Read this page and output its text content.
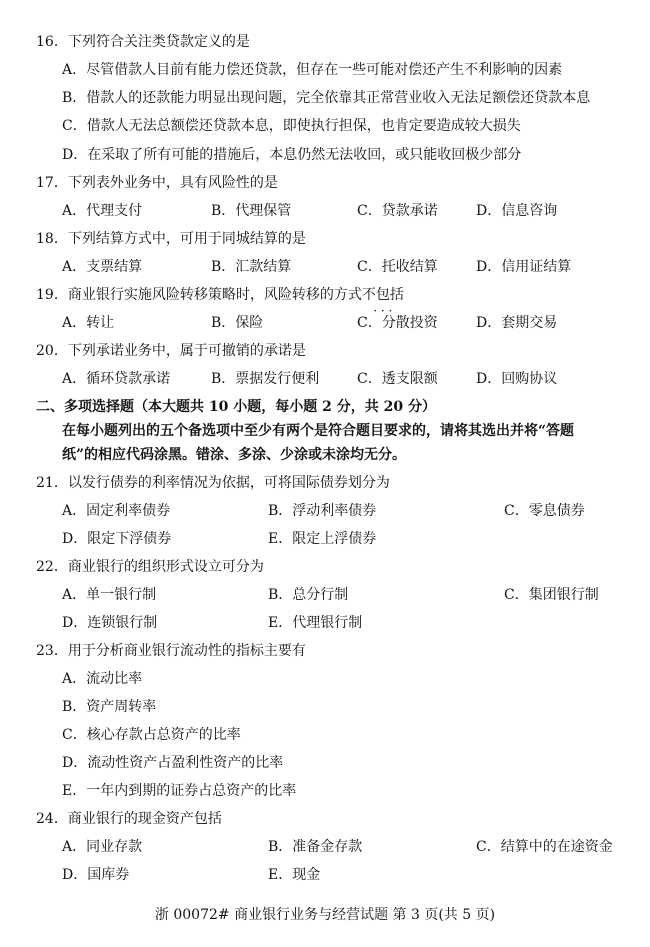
16．下列符合关注类贷款定义的是
A．尽管借款人目前有能力偿还贷款，但存在一些可能对偿还产生不利影响的因素
B．借款人的还款能力明显出现问题，完全依靠其正常营业收入无法足额偿还贷款本息
C．借款人无法总额偿还贷款本息，即使执行担保，也肯定要造成较大损失
D．在采取了所有可能的措施后，本息仍然无法收回，或只能收回极少部分
17．下列表外业务中，具有风险性的是
A．代理支付	B．代理保管	C．贷款承诺	D．信息咨询
18．下列结算方式中，可用于同城结算的是
A．支票结算	B．汇款结算	C．托收结算	D．信用证结算
19．商业银行实施风险转移策略时，风险转移的方式不包括 · · ·
A．转让	B．保险	C．分散投资	D．套期交易
20．下列承诺业务中，属于可撤销的承诺是
A．循环贷款承诺	B．票据发行便利	C．透支限额	D．回购协议
二、多项选择题（本大题共 10 小题，每小题 2 分，共 20 分）
在每小题列出的五个备选项中至少有两个是符合题目要求的，请将其选出并将“答题
纸”的相应代码涂黑。错涂、多涂、少涂或未涂均无分。
21．以发行债券的利率情况为依据，可将国际债券划分为
A．固定利率债券	B．浮动利率债券	C．零息债券
D．限定下浮债券	E．限定上浮债券
22．商业银行的组织形式设立可分为
A．单一银行制	B．总分行制	C．集团银行制
D．连锁银行制	E．代理银行制
23．用于分析商业银行流动性的指标主要有
A．流动比率
B．资产周转率
C．核心存款占总资产的比率
D．流动性资产占盈利性资产的比率
E．一年内到期的证券占总资产的比率
24．商业银行的现金资产包括
A．同业存款	B．准备金存款	C．结算中的在途资金
D．国库券	E．现金
浙 00072# 商业银行业务与经营试题 第 3 页(共 5 页)
